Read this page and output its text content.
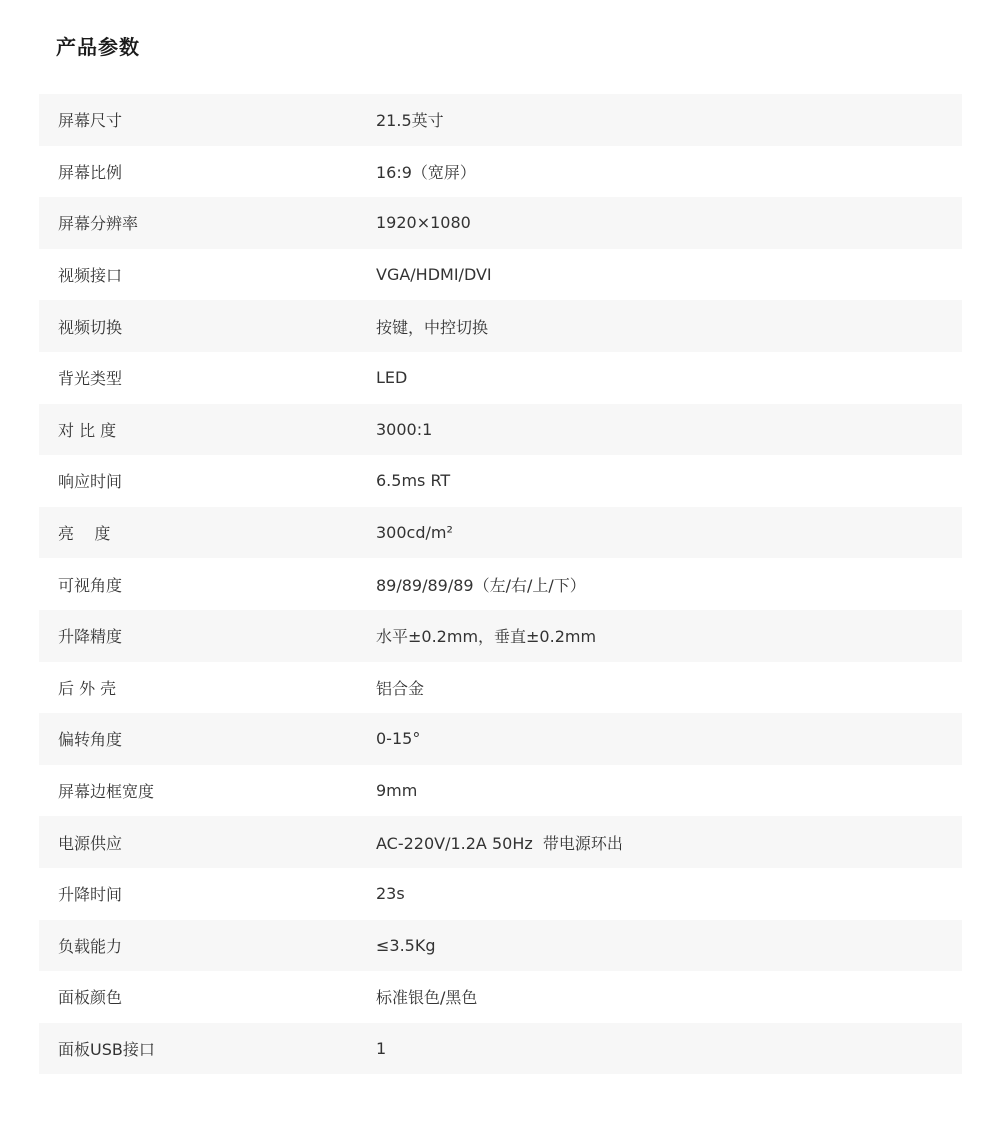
产品参数
屏幕尺寸	21.5英寸
屏幕比例	16:9（宽屏）
屏幕分辨率	1920×1080
视频接口	VGA/HDMI/DVI
视频切换	按键，中控切换
背光类型	LED
对 比 度	3000:1
响应时间	6.5ms RT
亮    度	300cd/m²
可视角度	89/89/89/89（左/右/上/下）
升降精度	水平±0.2mm，垂直±0.2mm
后 外 壳	铝合金
偏转角度	0-15°
屏幕边框宽度	9mm
电源供应	AC-220V/1.2A 50Hz  带电源环出
升降时间	23s
负载能力	≤3.5Kg
面板颜色	标准银色/黑色
面板USB接口	1
